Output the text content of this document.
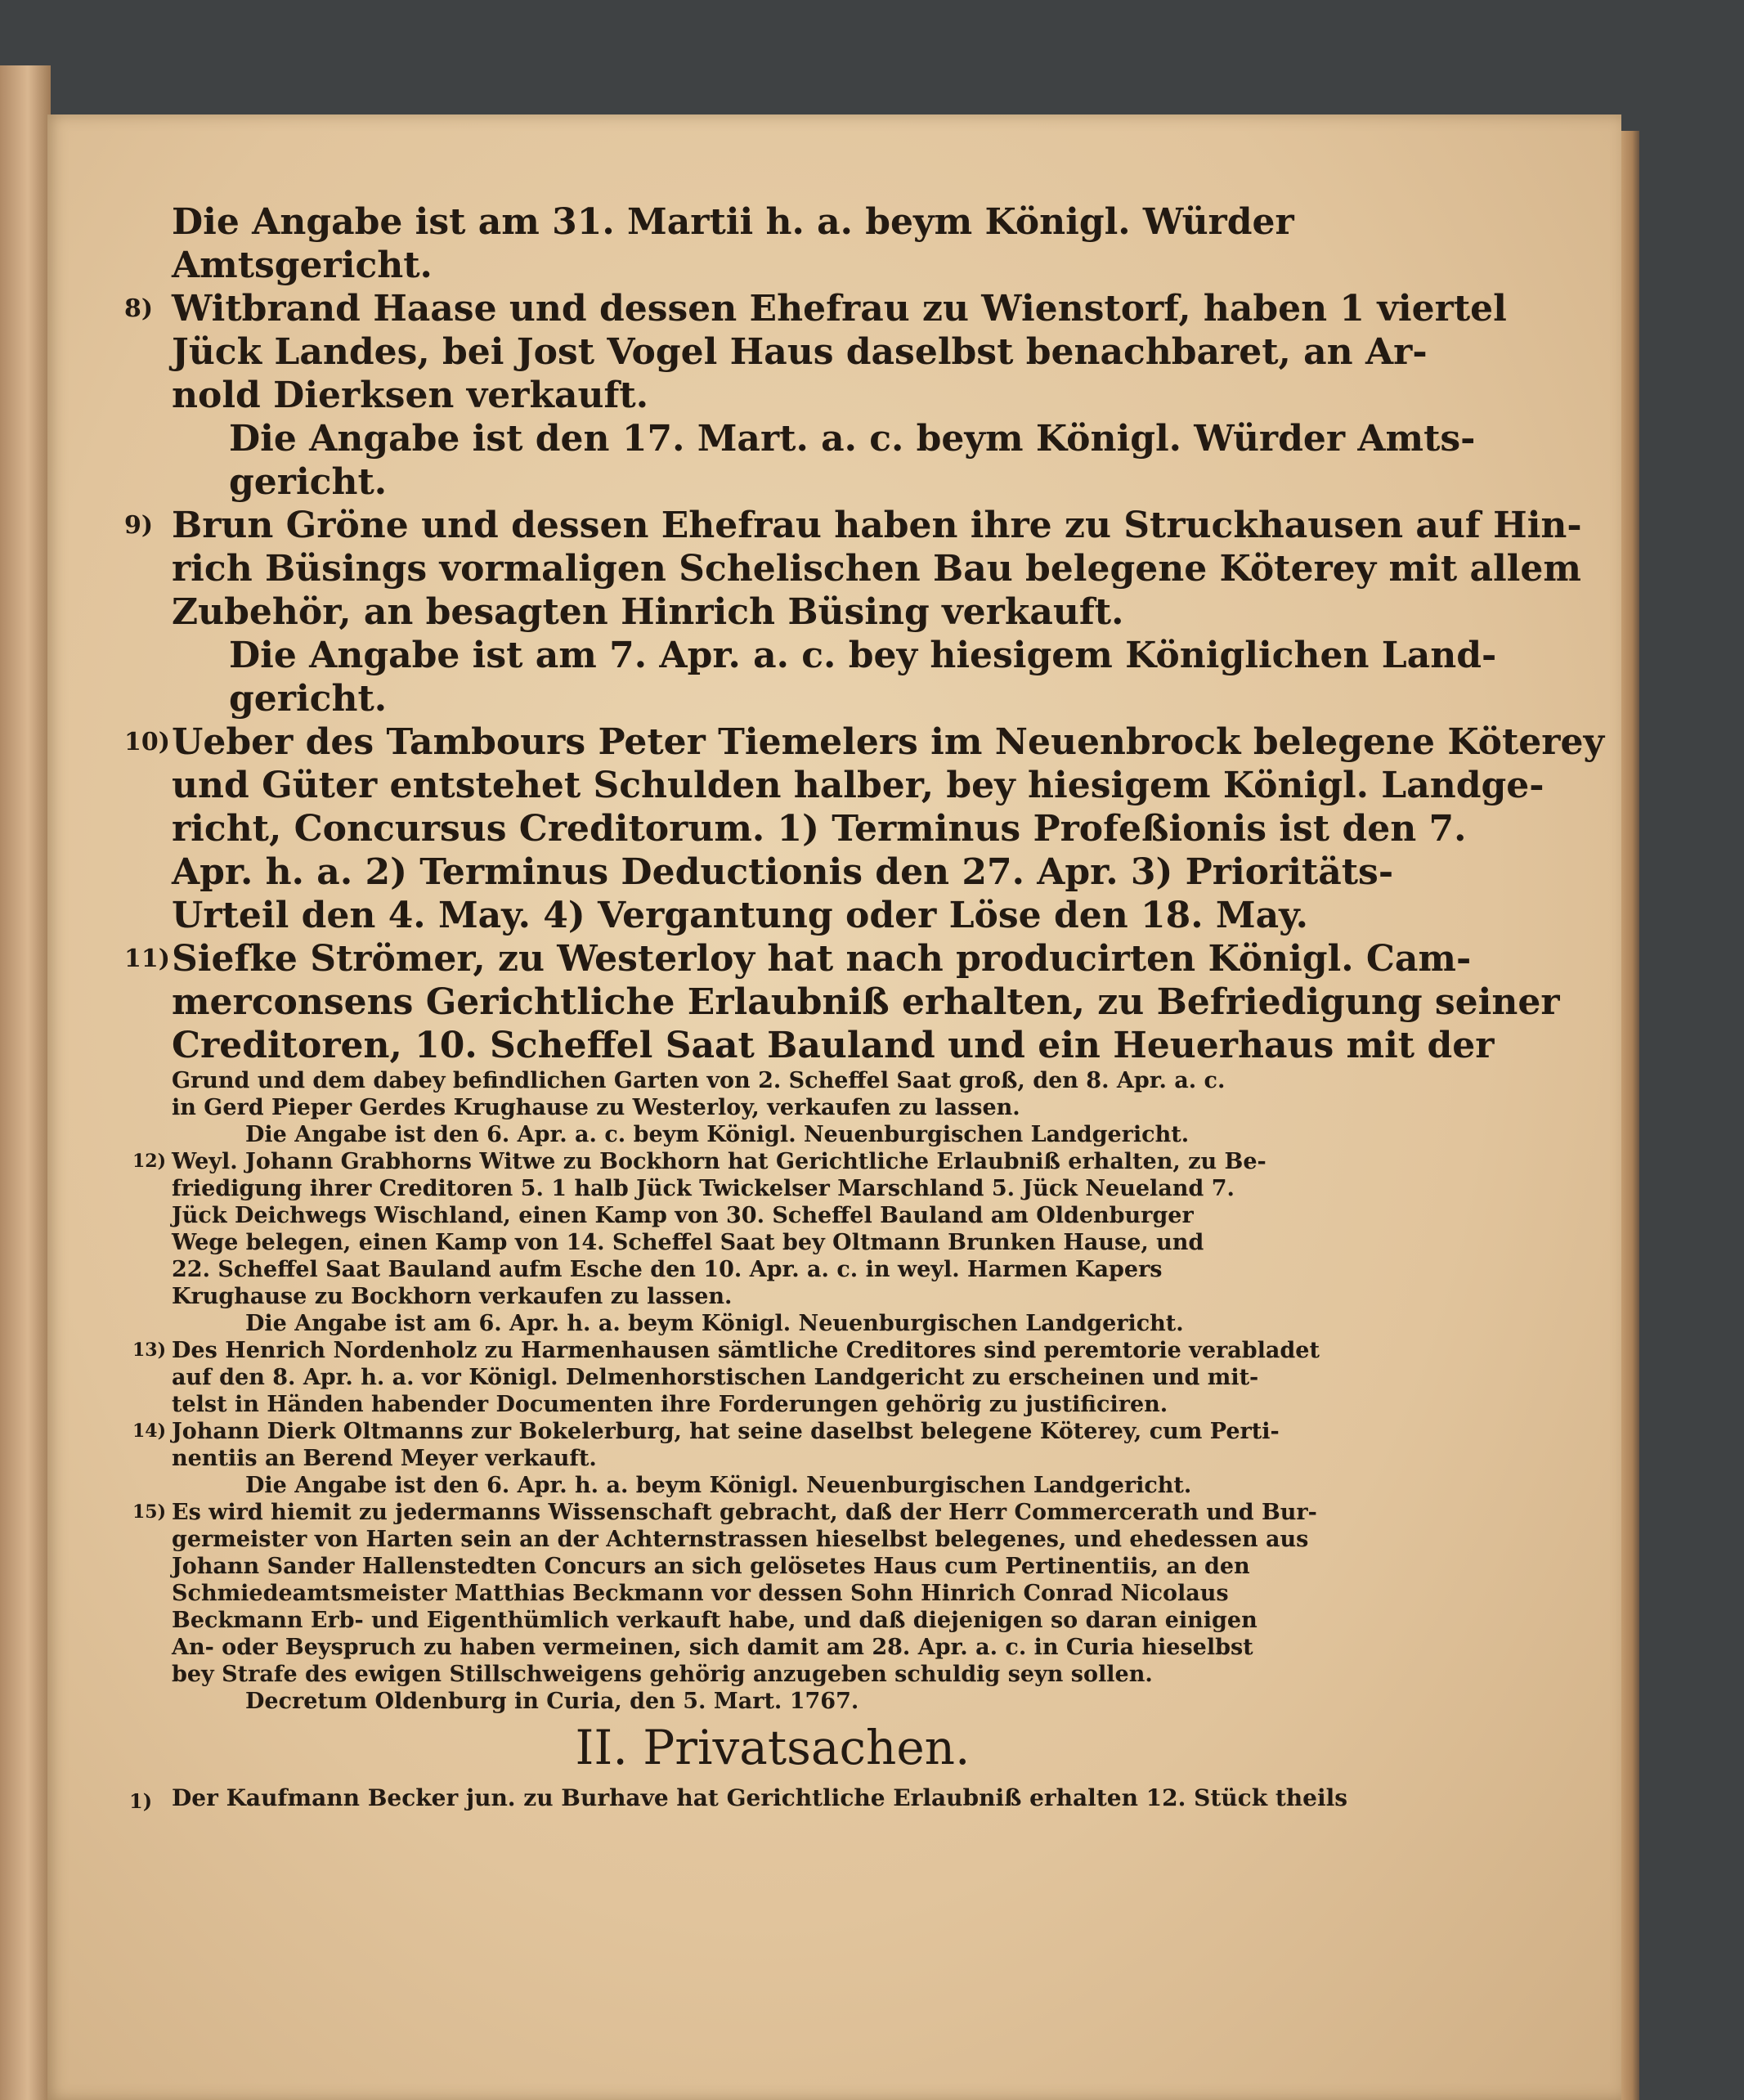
Die Angabe ist am 31. Martii h. a. beym Königl. Würder
Amtsgericht.
8) Witbrand Haase und dessen Ehefrau zu Wienstorf, haben 1 viertel
Jück Landes, bei Jost Vogel Haus daselbst benachbaret, an Ar-
nold Dierksen verkauft.
Die Angabe ist den 17. Mart. a. c. beym Königl. Würder Amts-
gericht.
9) Brun Gröne und dessen Ehefrau haben ihre zu Struckhausen auf Hin-
rich Büsings vormaligen Schelischen Bau belegene Köterey mit allem
Zubehör, an besagten Hinrich Büsing verkauft.
Die Angabe ist am 7. Apr. a. c. bey hiesigem Königlichen Land-
gericht.
10) Ueber des Tambours Peter Tiemelers im Neuenbrock belegene Köterey
und Güter entstehet Schulden halber, bey hiesigem Königl. Landge-
richt, Concursus Creditorum. 1) Terminus Profeßionis ist den 7.
Apr. h. a. 2) Terminus Deductionis den 27. Apr. 3) Prioritäts-
Urteil den 4. May. 4) Vergantung oder Löse den 18. May.
11) Siefke Strömer, zu Westerloy hat nach producirten Königl. Cam-
merconsens Gerichtliche Erlaubniß erhalten, zu Befriedigung seiner
Creditoren, 10. Scheffel Saat Bauland und ein Heuerhaus mit der
Grund und dem dabey befindlichen Garten von 2. Scheffel Saat groß, den 8. Apr. a. c.
in Gerd Pieper Gerdes Krughause zu Westerloy, verkaufen zu lassen.
Die Angabe ist den 6. Apr. a. c. beym Königl. Neuenburgischen Landgericht.
12) Weyl. Johann Grabhorns Witwe zu Bockhorn hat Gerichtliche Erlaubniß erhalten, zu Be-
friedigung ihrer Creditoren 5. 1 halb Jück Twickelser Marschland 5. Jück Neueland 7.
Jück Deichwegs Wischland, einen Kamp von 30. Scheffel Bauland am Oldenburger
Wege belegen, einen Kamp von 14. Scheffel Saat bey Oltmann Brunken Hause, und
22. Scheffel Saat Bauland aufm Esche den 10. Apr. a. c. in weyl. Harmen Kapers
Krughause zu Bockhorn verkaufen zu lassen.
Die Angabe ist am 6. Apr. h. a. beym Königl. Neuenburgischen Landgericht.
13) Des Henrich Nordenholz zu Harmenhausen sämtliche Creditores sind peremtorie verabladet
auf den 8. Apr. h. a. vor Königl. Delmenhorstischen Landgericht zu erscheinen und mit-
telst in Händen habender Documenten ihre Forderungen gehörig zu justificiren.
14) Johann Dierk Oltmanns zur Bokelerburg, hat seine daselbst belegene Köterey, cum Perti-
nentiis an Berend Meyer verkauft.
Die Angabe ist den 6. Apr. h. a. beym Königl. Neuenburgischen Landgericht.
15) Es wird hiemit zu jedermanns Wissenschaft gebracht, daß der Herr Commercerath und Bur-
germeister von Harten sein an der Achternstrassen hieselbst belegenes, und ehedessen aus
Johann Sander Hallenstedten Concurs an sich gelösetes Haus cum Pertinentiis, an den
Schmiedeamtsmeister Matthias Beckmann vor dessen Sohn Hinrich Conrad Nicolaus
Beckmann Erb- und Eigenthümlich verkauft habe, und daß diejenigen so daran einigen
An- oder Beyspruch zu haben vermeinen, sich damit am 28. Apr. a. c. in Curia hieselbst
bey Strafe des ewigen Stillschweigens gehörig anzugeben schuldig seyn sollen.
Decretum Oldenburg in Curia, den 5. Mart. 1767.
II. Privatsachen.
1) Der Kaufmann Becker jun. zu Burhave hat Gerichtliche Erlaubniß erhalten 12. Stück theils
